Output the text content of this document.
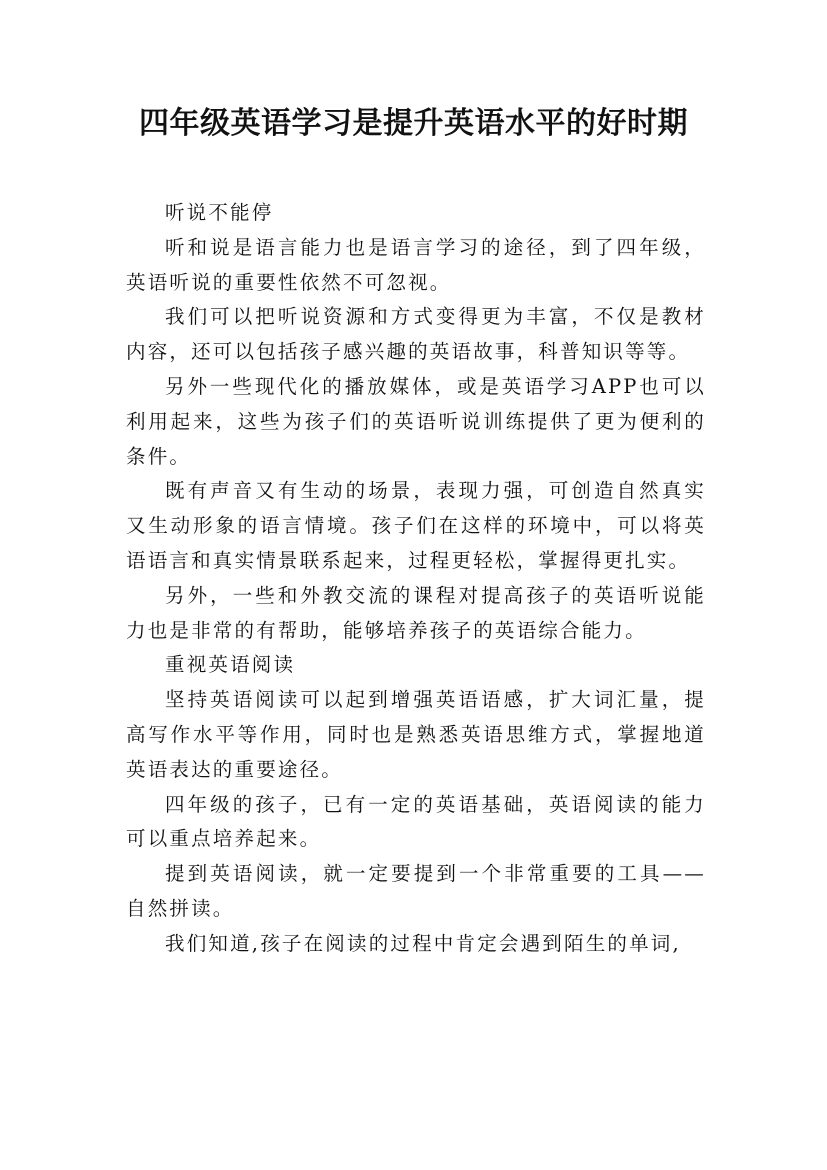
四年级英语学习是提升英语水平的好时期

听说不能停

听和说是语言能力也是语言学习的途径，到了四年级，英语听说的重要性依然不可忽视。

我们可以把听说资源和方式变得更为丰富，不仅是教材内容，还可以包括孩子感兴趣的英语故事，科普知识等等。

另外一些现代化的播放媒体，或是英语学习APP也可以利用起来，这些为孩子们的英语听说训练提供了更为便利的条件。

既有声音又有生动的场景，表现力强，可创造自然真实又生动形象的语言情境。孩子们在这样的环境中，可以将英语语言和真实情景联系起来，过程更轻松，掌握得更扎实。

另外，一些和外教交流的课程对提高孩子的英语听说能力也是非常的有帮助，能够培养孩子的英语综合能力。

重视英语阅读

坚持英语阅读可以起到增强英语语感，扩大词汇量，提高写作水平等作用，同时也是熟悉英语思维方式，掌握地道英语表达的重要途径。

四年级的孩子，已有一定的英语基础，英语阅读的能力可以重点培养起来。

提到英语阅读，就一定要提到一个非常重要的工具——自然拼读。

我们知道,孩子在阅读的过程中肯定会遇到陌生的单词,
